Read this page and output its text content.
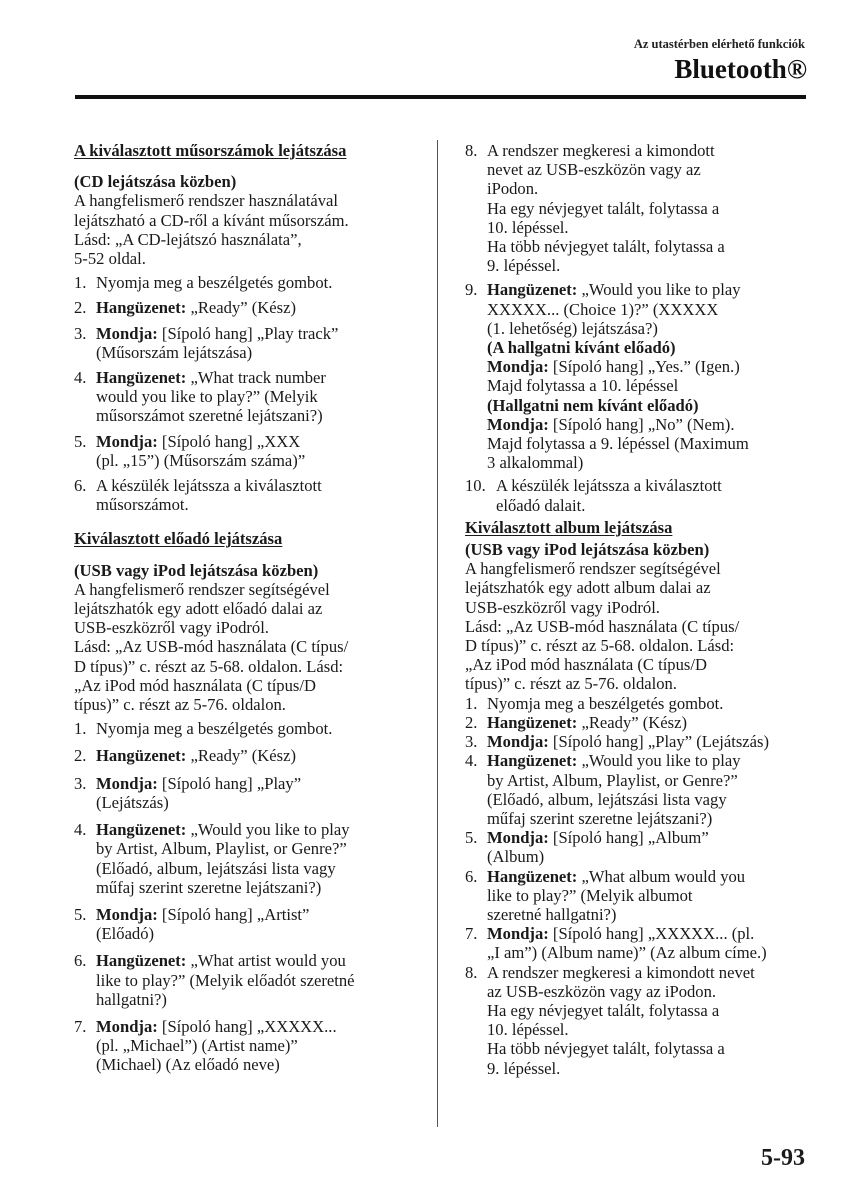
Az utastérben elérhető funkciók
Bluetooth®

A kiválasztott műsorszámok lejátszása

(CD lejátszása közben)

A hangfelismerő rendszer használatával
lejátszható a CD-ről a kívánt műsorszám.
Lásd: „A CD-lejátszó használata”,
5-52 oldal.
1. Nyomja meg a beszélgetés gombot.
2. Hangüzenet: „Ready” (Kész)
3. Mondja: [Sípoló hang] „Play track”
(Műsorszám lejátszása)
4. Hangüzenet: „What track number
would you like to play?” (Melyik
műsorszámot szeretné lejátszani?)
5. Mondja: [Sípoló hang] „XXX
(pl. „15”) (Műsorszám száma)”
6. A készülék lejátssza a kiválasztott
műsorszámot.

Kiválasztott előadó lejátszása

(USB vagy iPod lejátszása közben)

A hangfelismerő rendszer segítségével
lejátszhatók egy adott előadó dalai az
USB-eszközről vagy iPodról.
Lásd: „Az USB-mód használata (C típus/
D típus)” c. részt az 5-68. oldalon. Lásd:
„Az iPod mód használata (C típus/D
típus)” c. részt az 5-76. oldalon.
1. Nyomja meg a beszélgetés gombot.
2. Hangüzenet: „Ready” (Kész)
3. Mondja: [Sípoló hang] „Play”
(Lejátszás)
4. Hangüzenet: „Would you like to play
by Artist, Album, Playlist, or Genre?”
(Előadó, album, lejátszási lista vagy
műfaj szerint szeretne lejátszani?)
5. Mondja: [Sípoló hang] „Artist”
(Előadó)
6. Hangüzenet: „What artist would you
like to play?” (Melyik előadót szeretné
hallgatni?)
7. Mondja: [Sípoló hang] „XXXXX...
(pl. „Michael”) (Artist name)”
(Michael) (Az előadó neve)
8. A rendszer megkeresi a kimondott
nevet az USB-eszközön vagy az
iPodon.
Ha egy névjegyet talált, folytassa a
10. lépéssel.
Ha több névjegyet talált, folytassa a
9. lépéssel.
9. Hangüzenet: „Would you like to play
XXXXX... (Choice 1)?” (XXXXX
(1. lehetőség) lejátszása?)
(A hallgatni kívánt előadó)
Mondja: [Sípoló hang] „Yes.” (Igen.)
Majd folytassa a 10. lépéssel
(Hallgatni nem kívánt előadó)
Mondja: [Sípoló hang] „No” (Nem).
Majd folytassa a 9. lépéssel (Maximum
3 alkalommal)
10. A készülék lejátssza a kiválasztott
előadó dalait.

Kiválasztott album lejátszása

(USB vagy iPod lejátszása közben)

A hangfelismerő rendszer segítségével
lejátszhatók egy adott album dalai az
USB-eszközről vagy iPodról.
Lásd: „Az USB-mód használata (C típus/
D típus)” c. részt az 5-68. oldalon. Lásd:
„Az iPod mód használata (C típus/D
típus)” c. részt az 5-76. oldalon.
1. Nyomja meg a beszélgetés gombot.
2. Hangüzenet: „Ready” (Kész)
3. Mondja: [Sípoló hang] „Play” (Lejátszás)
4. Hangüzenet: „Would you like to play
by Artist, Album, Playlist, or Genre?”
(Előadó, album, lejátszási lista vagy
műfaj szerint szeretne lejátszani?)
5. Mondja: [Sípoló hang] „Album”
(Album)
6. Hangüzenet: „What album would you
like to play?” (Melyik albumot
szeretné hallgatni?)
7. Mondja: [Sípoló hang] „XXXXX... (pl.
„I am”) (Album name)” (Az album címe.)
8. A rendszer megkeresi a kimondott nevet
az USB-eszközön vagy az iPodon.
Ha egy névjegyet talált, folytassa a
10. lépéssel.
Ha több névjegyet talált, folytassa a
9. lépéssel.
5-93
